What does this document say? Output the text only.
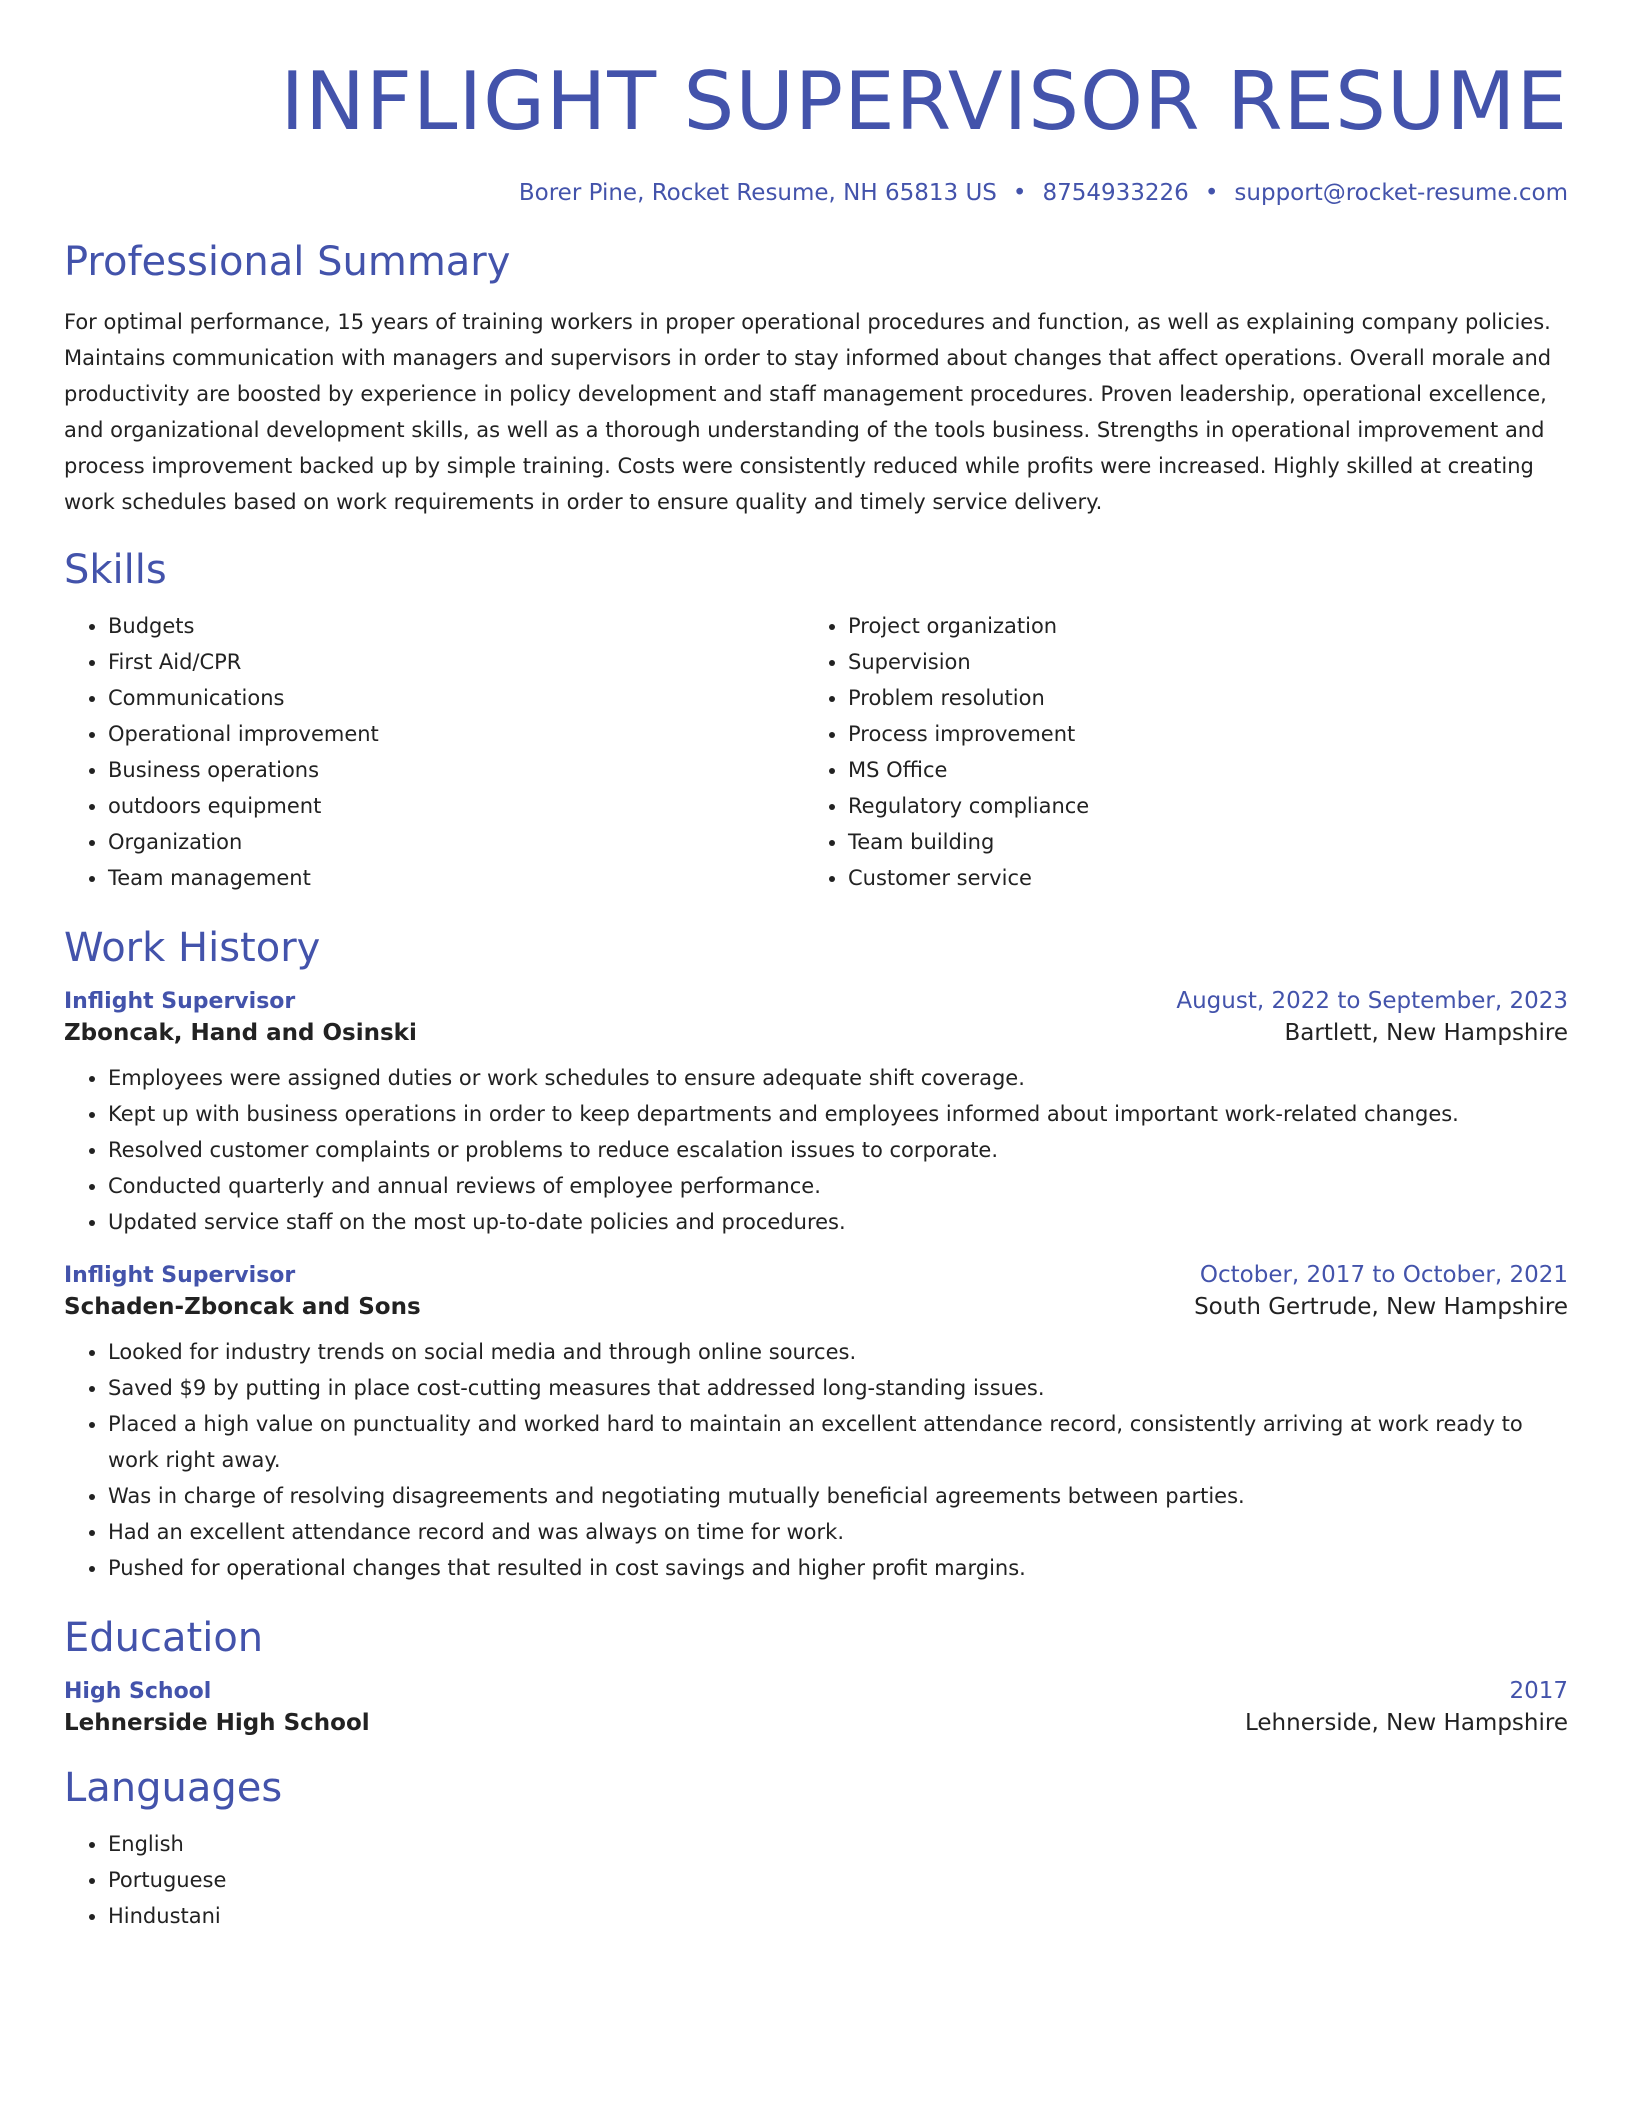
INFLIGHT SUPERVISOR RESUME
Borer Pine, Rocket Resume, NH 65813 US • 8754933226 • support@rocket-resume.com
Professional Summary

For optimal performance, 15 years of training workers in proper operational procedures and function, as well as explaining company policies. Maintains communication with managers and supervisors in order to stay informed about changes that affect operations. Overall morale and productivity are boosted by experience in policy development and staff management procedures. Proven leadership, operational excellence, and organizational development skills, as well as a thorough understanding of the tools business. Strengths in operational improvement and process improvement backed up by simple training. Costs were consistently reduced while profits were increased. Highly skilled at creating work schedules based on work requirements in order to ensure quality and timely service delivery.

Skills
• Budgets
• First Aid/CPR
• Communications
• Operational improvement
• Business operations
• outdoors equipment
• Organization
• Team management
• Project organization
• Supervision
• Problem resolution
• Process improvement
• MS Office
• Regulatory compliance
• Team building
• Customer service
Work History
Inflight Supervisor	August, 2022 to September, 2023
Zboncak, Hand and Osinski	Bartlett, New Hampshire
• Employees were assigned duties or work schedules to ensure adequate shift coverage.
• Kept up with business operations in order to keep departments and employees informed about important work-related changes.
• Resolved customer complaints or problems to reduce escalation issues to corporate.
• Conducted quarterly and annual reviews of employee performance.
• Updated service staff on the most up-to-date policies and procedures.
Inflight Supervisor	October, 2017 to October, 2021
Schaden-Zboncak and Sons	South Gertrude, New Hampshire
• Looked for industry trends on social media and through online sources.
• Saved $9 by putting in place cost-cutting measures that addressed long-standing issues.
• Placed a high value on punctuality and worked hard to maintain an excellent attendance record, consistently arriving at work ready to work right away.
• Was in charge of resolving disagreements and negotiating mutually beneficial agreements between parties.
• Had an excellent attendance record and was always on time for work.
• Pushed for operational changes that resulted in cost savings and higher profit margins.
Education
High School	2017
Lehnerside High School	Lehnerside, New Hampshire
Languages
• English
• Portuguese
• Hindustani
